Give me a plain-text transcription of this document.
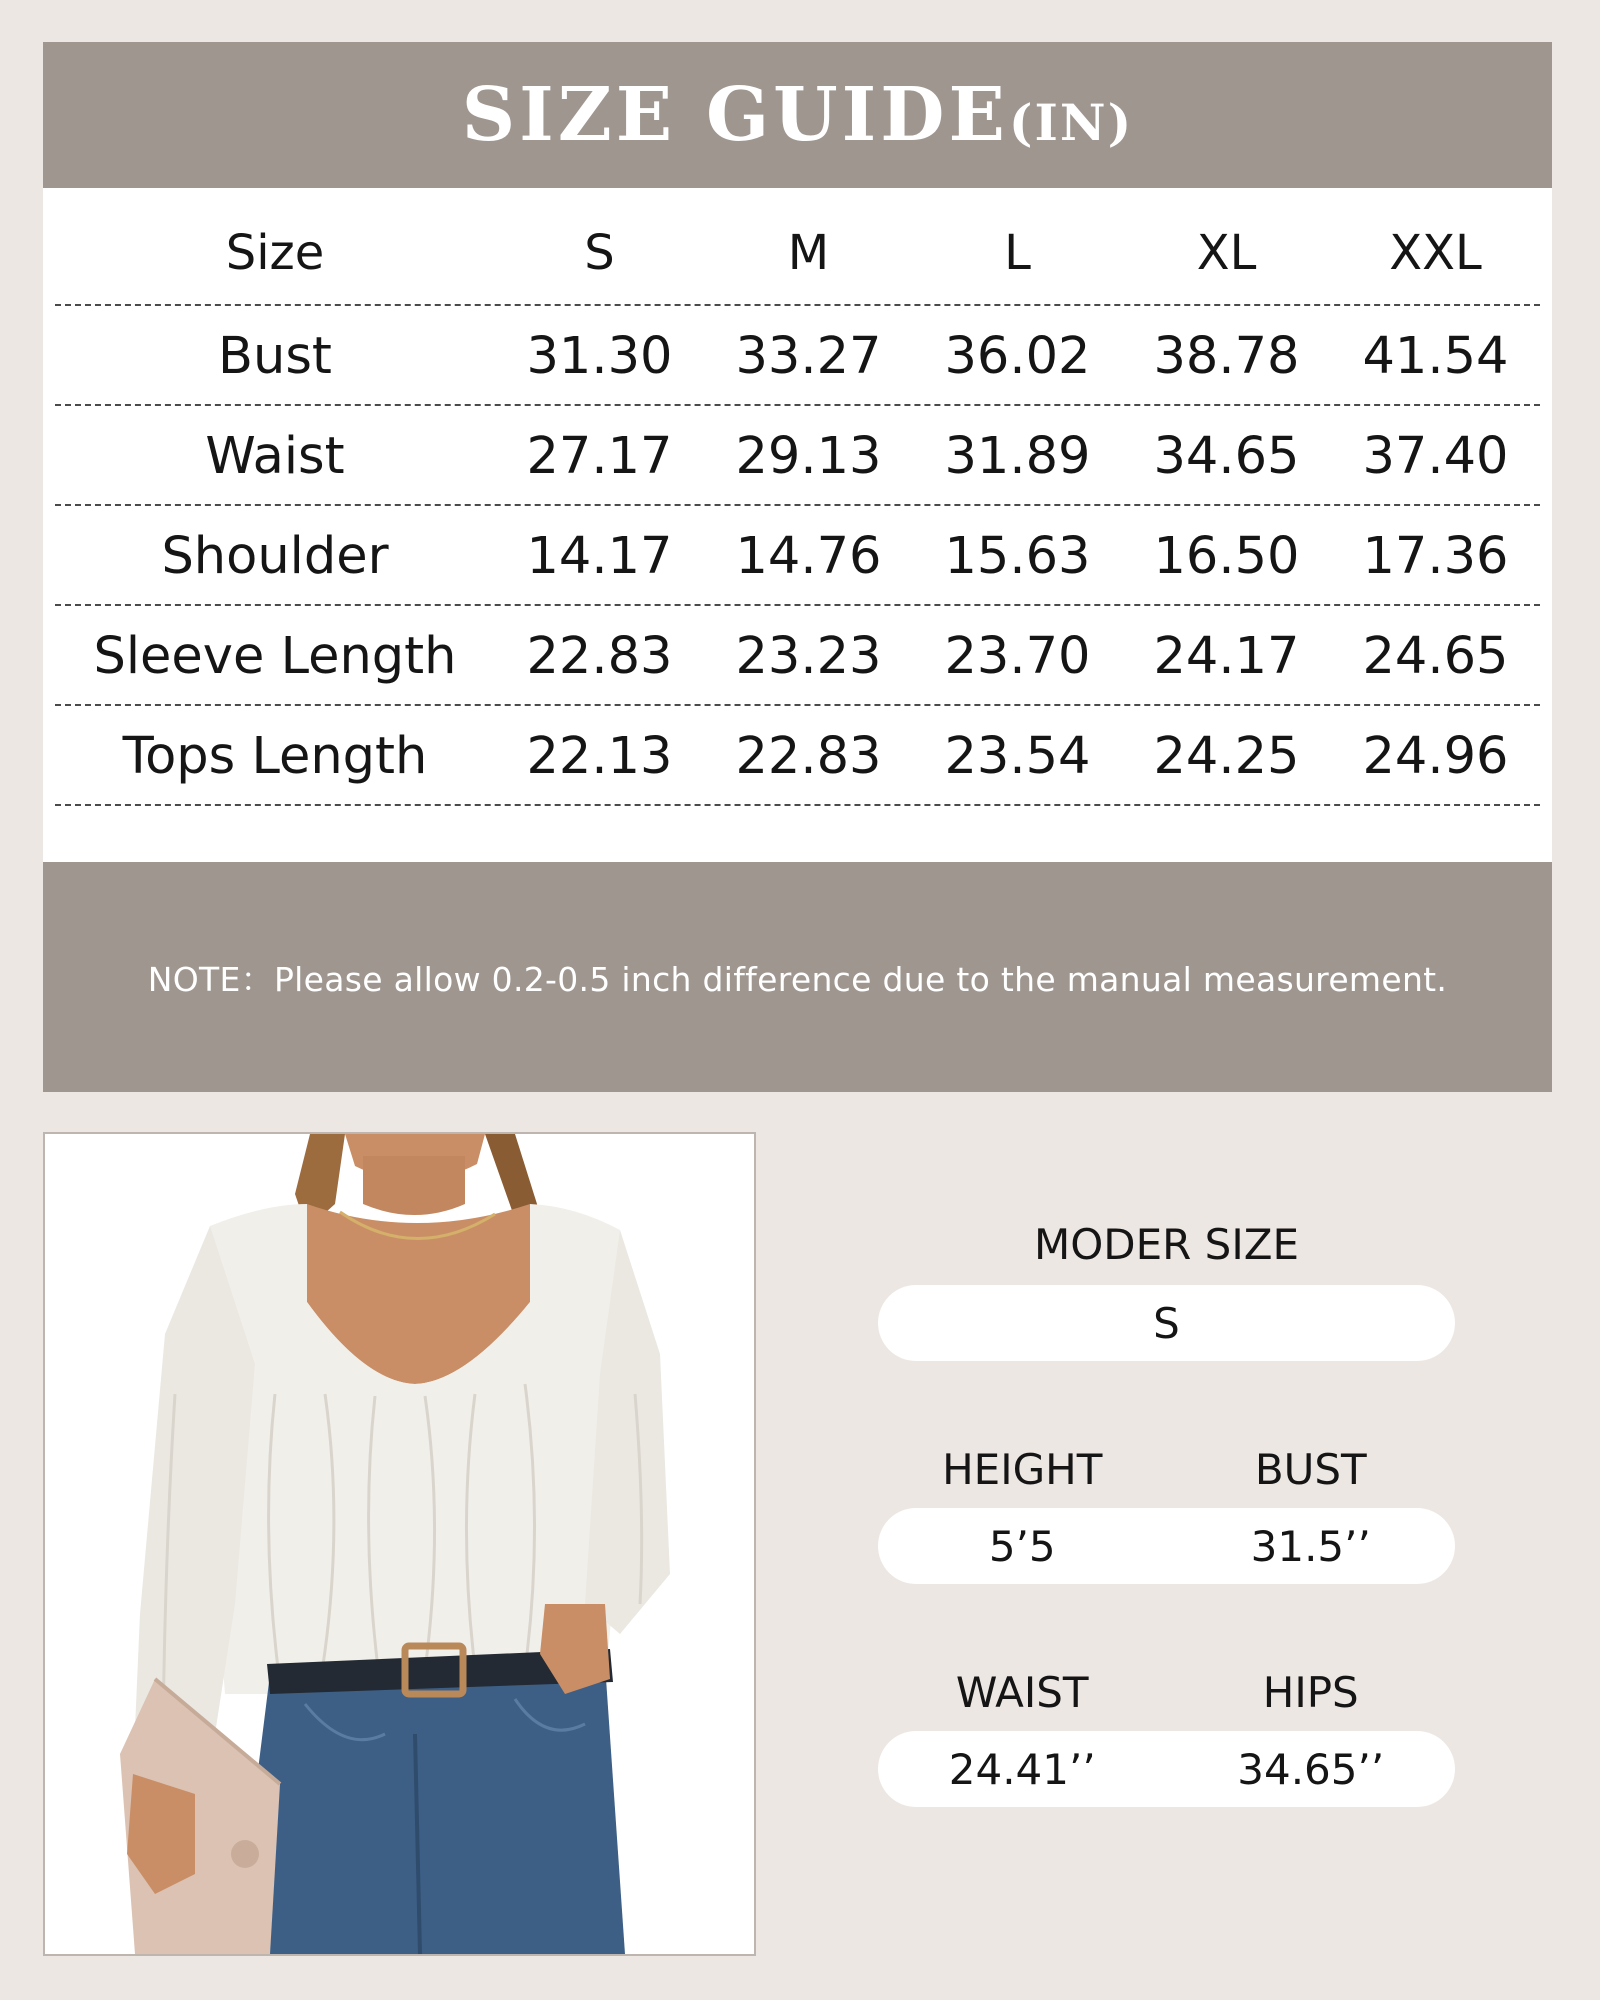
SIZE GUIDE(IN)
Size	S	M	L	XL	XXL
Bust	31.30	33.27	36.02	38.78	41.54
Waist	27.17	29.13	31.89	34.65	37.40
Shoulder	14.17	14.76	15.63	16.50	17.36
Sleeve Length	22.83	23.23	23.70	24.17	24.65
Tops Length	22.13	22.83	23.54	24.25	24.96
NOTE：Please allow 0.2-0.5 inch difference due to the manual measurement.
MODER SIZE
S
HEIGHT	BUST
5’5	31.5’’
WAIST	HIPS
24.41’’	34.65’’
